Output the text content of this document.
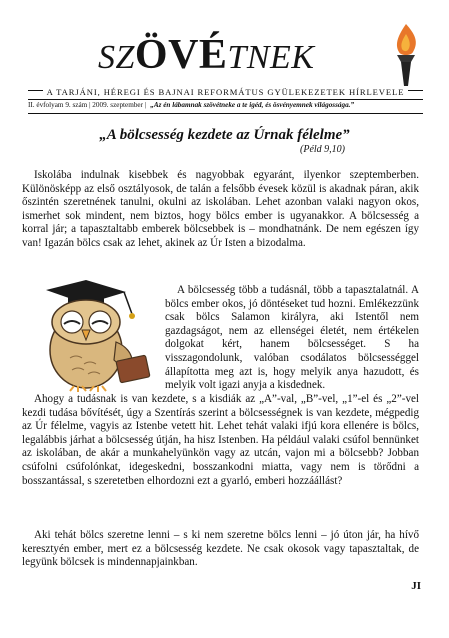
SZÖVÉTNEK
A TARJÁNI, HÉREGI ÉS BAJNAI REFORMÁTUS GYÜLEKEZETEK HÍRLEVELE
II. évfolyam 9. szám | 2009. szeptember | „Az én lábamnak szövétneke a te igéd, és ösvényemnek világossága.”
„A bölcsesség kezdete az Úrnak félelme”
(Péld 9,10)
Iskolába indulnak kisebbek és nagyobbak egyaránt, ilyenkor szeptemberben. Különösképp az első osztályosok, de talán a felsőbb évesek közül is akadnak páran, akik őszintén szeretnének tanulni, okulni az iskolában. Lehet azonban valaki nagyon okos, ismerhet sok mindent, nem biztos, hogy bölcs ember is ugyanakkor. A bölcsesség a korral jár; a tapasztaltabb emberek bölcsebbek is – mondhatnánk. De nem egészen így van! Igazán bölcs csak az lehet, akinek az Úr Isten a bizodalma.
A bölcsesség több a tudásnál, több a tapasztalatnál. A bölcs ember okos, jó döntéseket tud hozni. Emlékezzünk csak bölcs Salamon királyra, aki Istentől nem gazdagságot, nem az ellenségei életét, nem értékelen dolgokat kért, hanem bölcsességet. S ha visszagondolunk, valóban csodálatos bölcsességgel állapította meg azt is, hogy melyik anya hazudott, és melyik volt igazi anyja a kisdednek.
Ahogy a tudásnak is van kezdete, s a kisdiák az „A”-val, „B”-vel, „1”-el és „2”-vel kezdi tudása bővítését, úgy a Szentírás szerint a bölcsességnek is van kezdete, mégpedig az Úr félelme, vagyis az Istenbe vetett hit. Lehet tehát valaki ifjú kora ellenére is bölcs, legalábbis járhat a bölcsesség útján, ha hisz Istenben. Ha például valaki csúfol bennünket az iskolában, de akár a munkahelyünkön vagy az utcán, vajon mi a bölcsebb? Jobban csúfolni csúfolónkat, idegeskedni, bosszankodni miatta, vagy nem is törődni a bosszantással, s szeretetben elhordozni ezt a gyarló, emberi hozzáállást?
Aki tehát bölcs szeretne lenni – s ki nem szeretne bölcs lenni – jó úton jár, ha hívő keresztyén ember, mert ez a bölcsesség kezdete. Ne csak okosok vagy tapasztaltak, de legyünk bölcsek is mindennapjainkban.
JI
